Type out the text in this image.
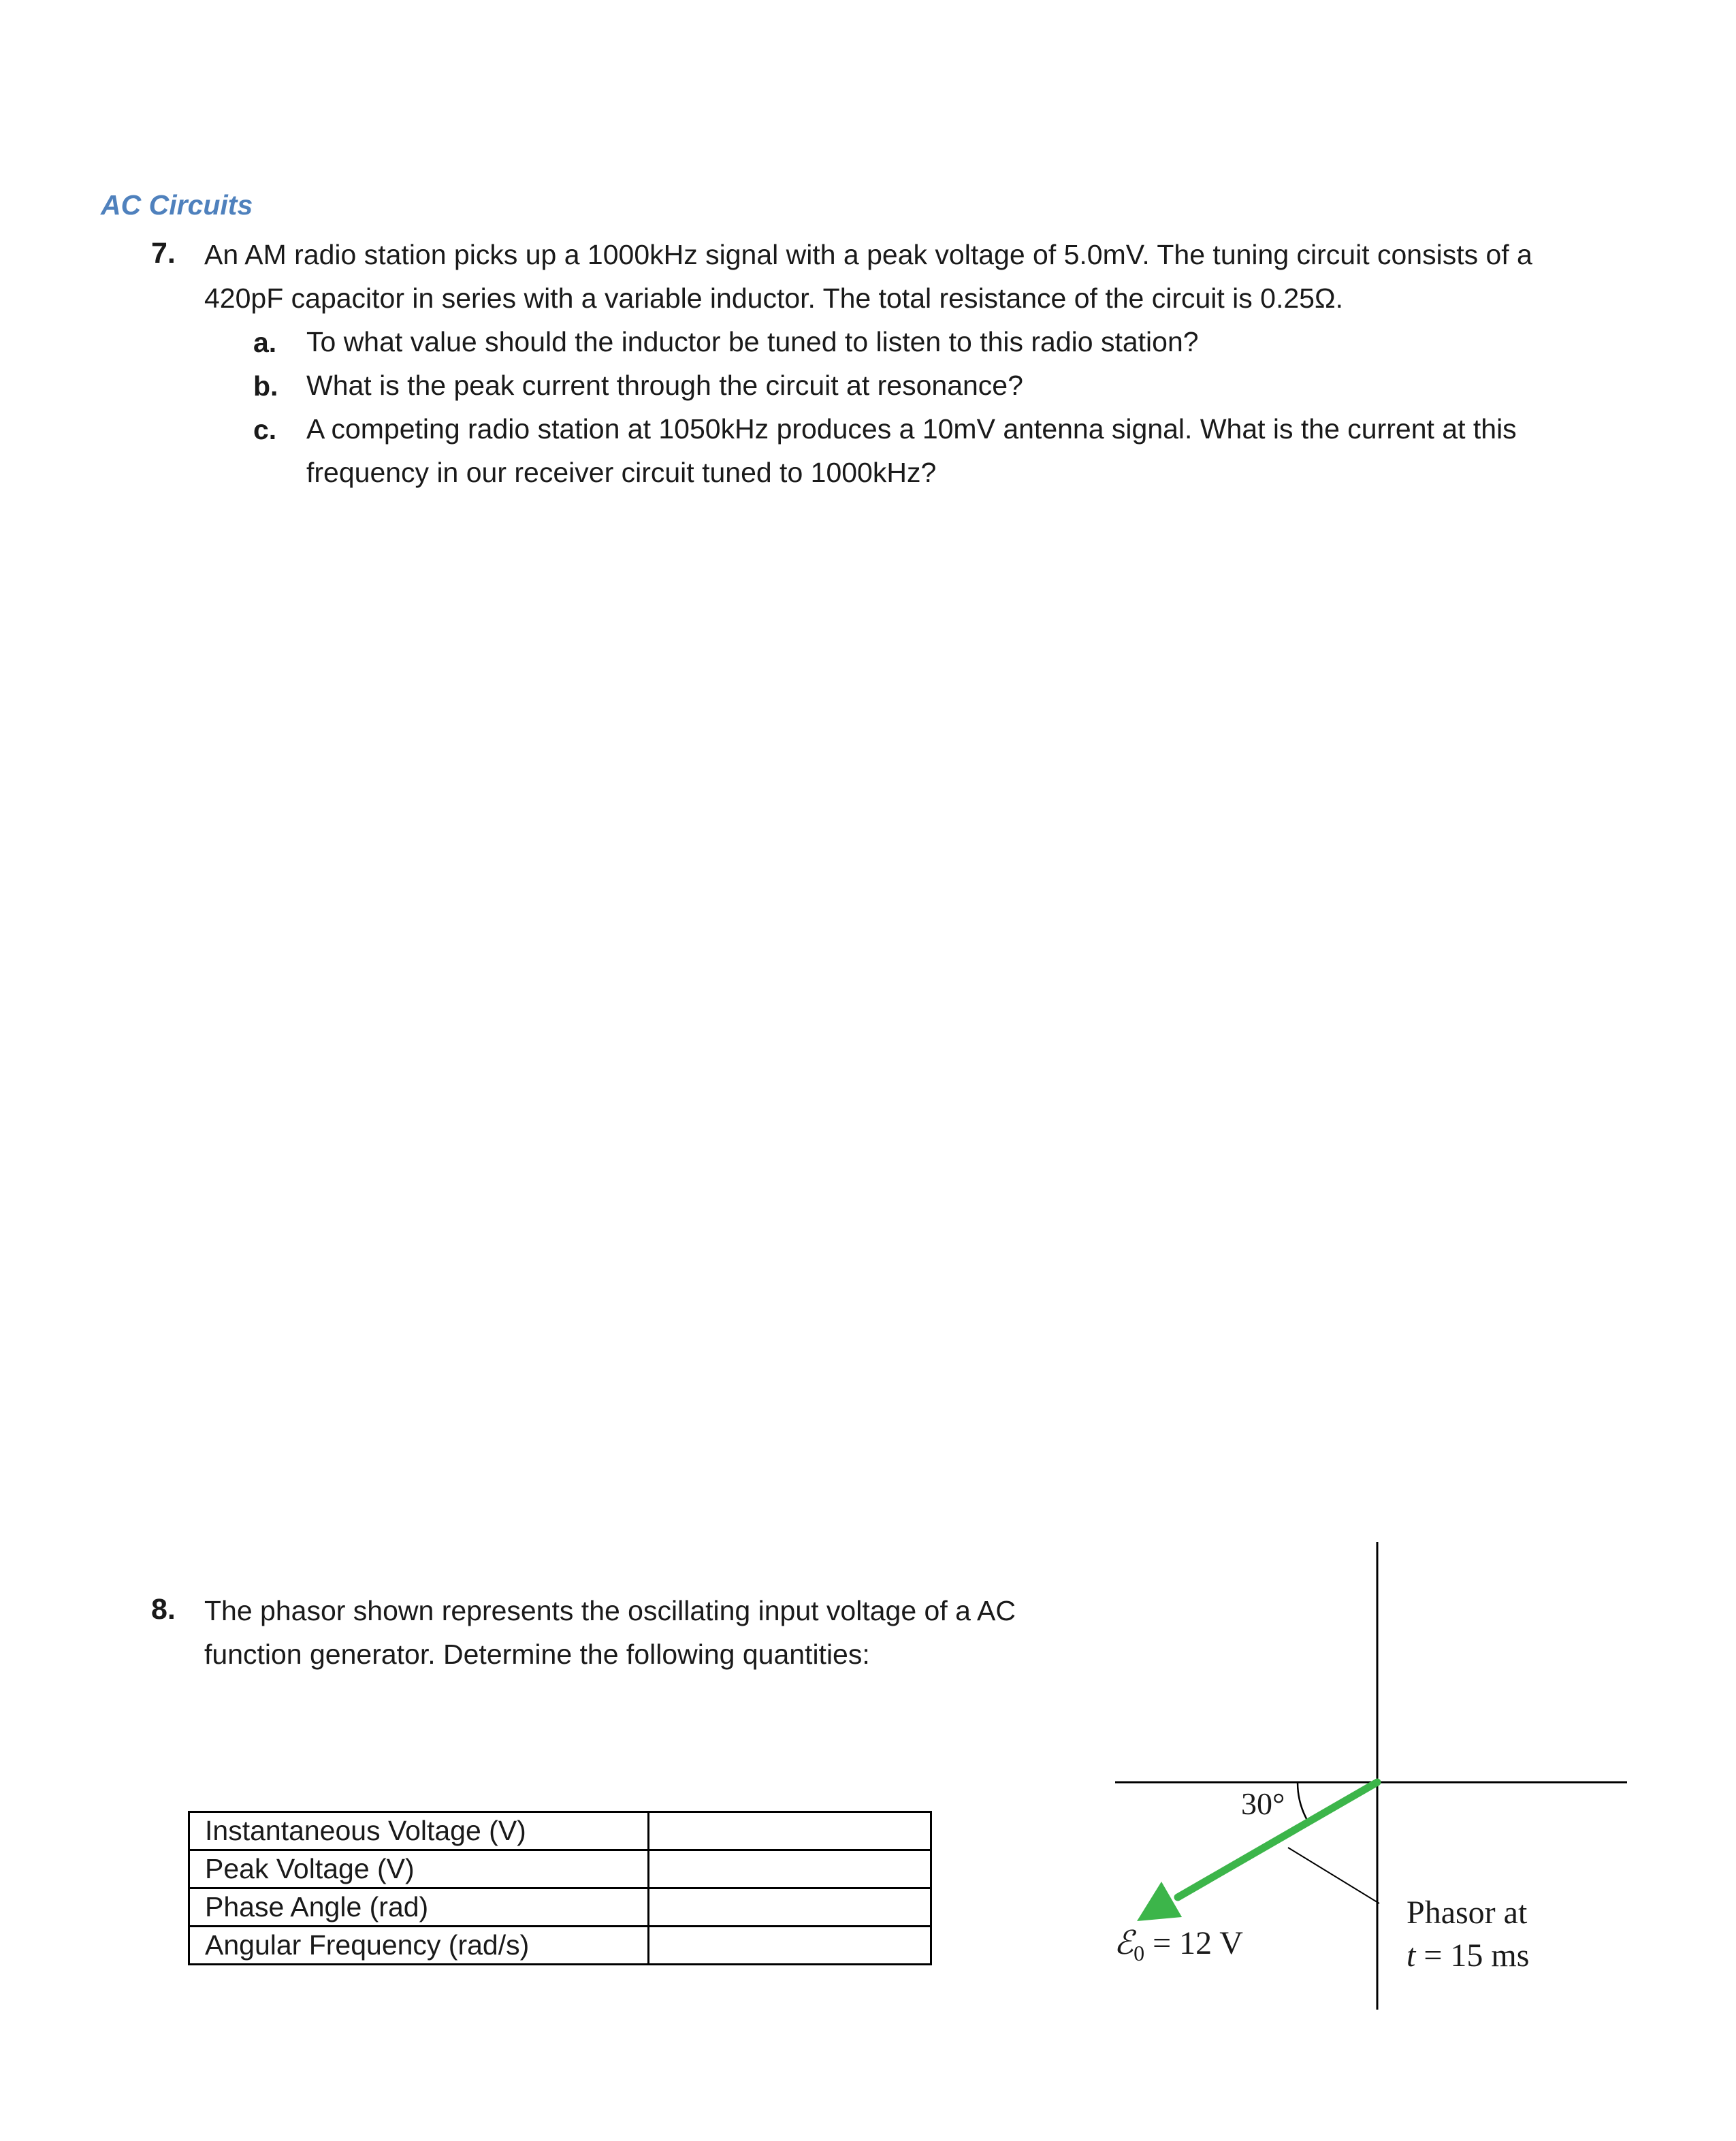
AC Circuits
7. An AM radio station picks up a 1000kHz signal with a peak voltage of 5.0mV. The tuning circuit consists of a
420pF capacitor in series with a variable inductor. The total resistance of the circuit is 0.25Ω.
a. To what value should the inductor be tuned to listen to this radio station?
b. What is the peak current through the circuit at resonance?
c. A competing radio station at 1050kHz produces a 10mV antenna signal. What is the current at this
frequency in our receiver circuit tuned to 1000kHz?
8. The phasor shown represents the oscillating input voltage of a AC
function generator. Determine the following quantities:
Instantaneous Voltage (V)	
Peak Voltage (V)	
Phase Angle (rad)	
Angular Frequency (rad/s)	
30°
ℰ$_0$ = 12 V
Phasor at
t = 15 ms
